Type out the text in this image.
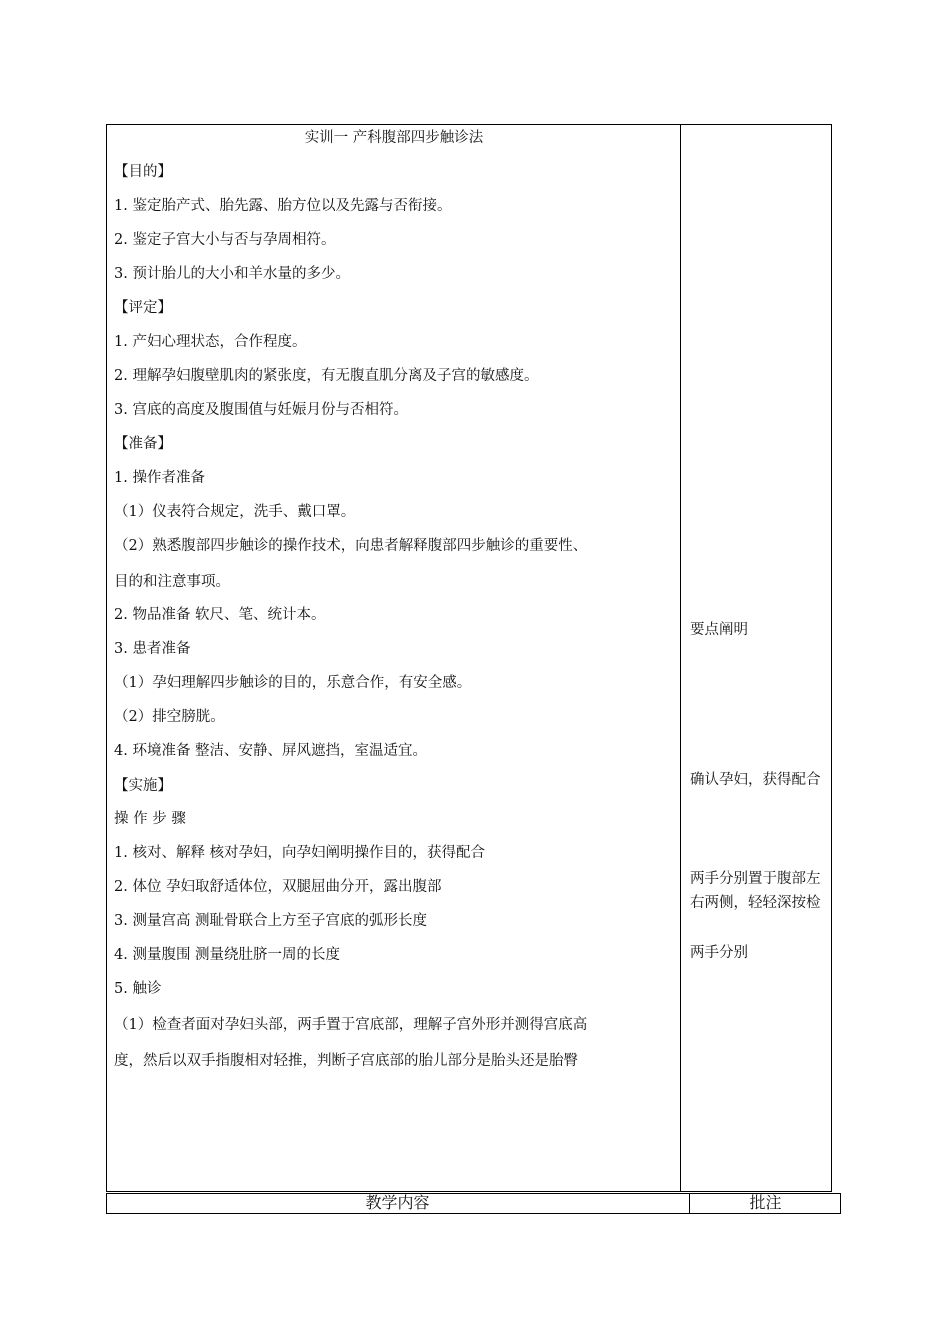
实训一 产科腹部四步触诊法
【目的】
1. 鉴定胎产式、胎先露、胎方位以及先露与否衔接。
2. 鉴定子宫大小与否与孕周相符。
3. 预计胎儿的大小和羊水量的多少。
【评定】
1. 产妇心理状态，合作程度。
2. 理解孕妇腹壁肌肉的紧张度，有无腹直肌分离及子宫的敏感度。
3. 宫底的高度及腹围值与妊娠月份与否相符。
【准备】
1. 操作者准备
（1）仪表符合规定，洗手、戴口罩。
（2）熟悉腹部四步触诊的操作技术，向患者解释腹部四步触诊的重要性、
目的和注意事项。
2. 物品准备 软尺、笔、统计本。
3. 患者准备
（1）孕妇理解四步触诊的目的，乐意合作，有安全感。
（2）排空膀胱。
4. 环境准备 整洁、安静、屏风遮挡，室温适宜。
【实施】
操 作 步 骤
1. 核对、解释 核对孕妇，向孕妇阐明操作目的，获得配合
2. 体位 孕妇取舒适体位，双腿屈曲分开，露出腹部
3. 测量宫高 测耻骨联合上方至子宫底的弧形长度
4. 测量腹围 测量绕肚脐一周的长度
5. 触诊
（1）检查者面对孕妇头部，两手置于宫底部，理解子宫外形并测得宫底高
度，然后以双手指腹相对轻推，判断子宫底部的胎儿部分是胎头还是胎臀
要点阐明
确认孕妇，获得配合
两手分别置于腹部左右两侧，轻轻深按检
两手分别
教学内容	批注
